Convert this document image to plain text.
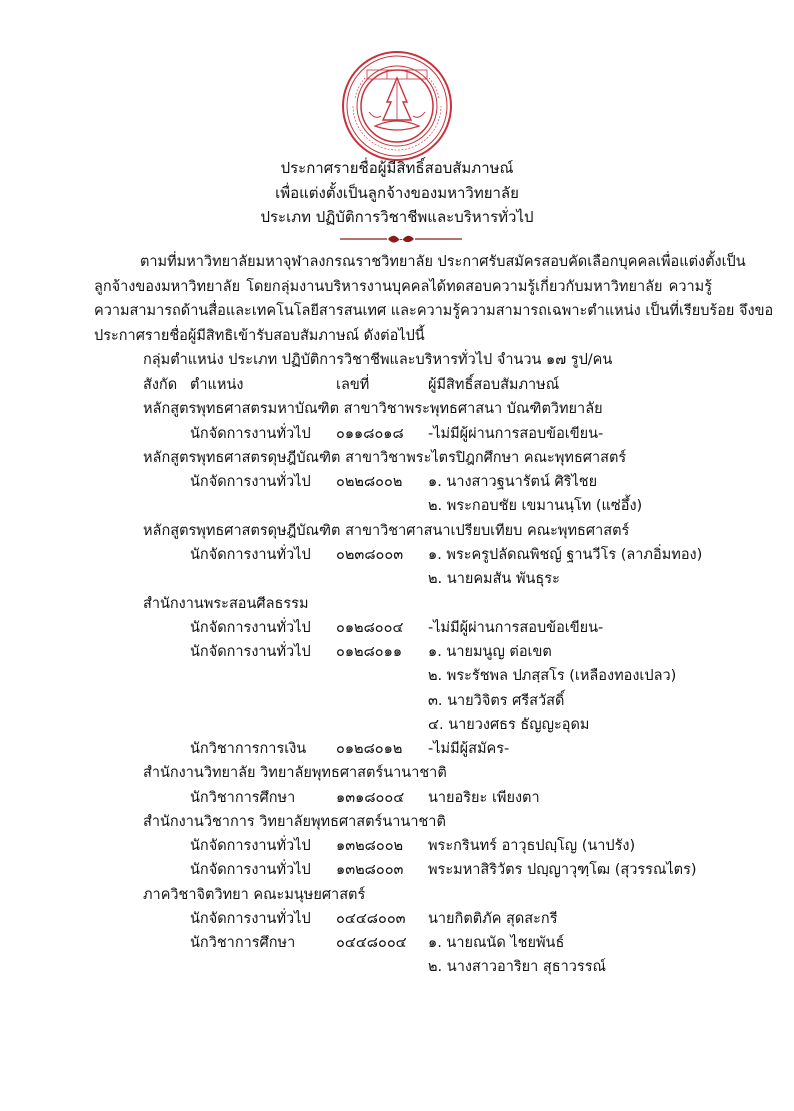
ประกาศรายชื่อผู้มีสิทธิ์สอบสัมภาษณ์
เพื่อแต่งตั้งเป็นลูกจ้างของมหาวิทยาลัย
ประเภท ปฏิบัติการวิชาชีพและบริหารทั่วไป
ตามที่มหาวิทยาลัยมหาจุฬาลงกรณราชวิทยาลัย ประกาศรับสมัครสอบคัดเลือกบุคคลเพื่อแต่งตั้งเป็น
ลูกจ้างของมหาวิทยาลัย โดยกลุ่มงานบริหารงานบุคคลได้ทดสอบความรู้เกี่ยวกับมหาวิทยาลัย ความรู้
ความสามารถด้านสื่อและเทคโนโลยีสารสนเทศ และความรู้ความสามารถเฉพาะตำแหน่ง เป็นที่เรียบร้อย จึงขอ
ประกาศรายชื่อผู้มีสิทธิเข้ารับสอบสัมภาษณ์ ดังต่อไปนี้
กลุ่มตำแหน่ง ประเภท ปฏิบัติการวิชาชีพและบริหารทั่วไป จำนวน ๑๗ รูป/คน
สังกัด ตำแหน่ง	เลขที่	ผู้มีสิทธิ์สอบสัมภาษณ์
หลักสูตรพุทธศาสตรมหาบัณฑิต สาขาวิชาพระพุทธศาสนา บัณฑิตวิทยาลัย
นักจัดการงานทั่วไป ๐๑๑๘๐๑๘ -ไม่มีผู้ผ่านการสอบข้อเขียน-
หลักสูตรพุทธศาสตรดุษฎีบัณฑิต สาขาวิชาพระไตรปิฎกศึกษา คณะพุทธศาสตร์
นักจัดการงานทั่วไป ๐๒๒๘๐๐๒ ๑. นางสาวฐนารัตน์ ศิริไชย
๒. พระกอบชัย เขมานนฺโท (แซ่อึ้ง)
หลักสูตรพุทธศาสตรดุษฎีบัณฑิต สาขาวิชาศาสนาเปรียบเทียบ คณะพุทธศาสตร์
นักจัดการงานทั่วไป ๐๒๓๘๐๐๓ ๑. พระครูปลัดณพิชญ์ ฐานวีโร (ลาภอิ่มทอง)
๒. นายคมสัน พันธุระ
สำนักงานพระสอนศีลธรรม
นักจัดการงานทั่วไป ๐๑๒๘๐๐๔ -ไม่มีผู้ผ่านการสอบข้อเขียน-
นักจัดการงานทั่วไป ๐๑๒๘๐๑๑ ๑. นายมนูญ ต่อเขต
๒. พระรัชพล ปภสฺสโร (เหลืองทองเปลว)
๓. นายวิจิตร ศรีสวัสดิ์
๔. นายวงศธร ธัญญะอุดม
นักวิชาการการเงิน ๐๑๒๘๐๑๒ -ไม่มีผู้สมัคร-
สำนักงานวิทยาลัย วิทยาลัยพุทธศาสตร์นานาชาติ
นักวิชาการศึกษา	๑๓๑๘๐๐๔ นายอริยะ เพียงตา
สำนักงานวิชาการ วิทยาลัยพุทธศาสตร์นานาชาติ
นักจัดการงานทั่วไป ๑๓๒๘๐๐๒ พระกรินทร์ อาวุธปญฺโญ (นาปรัง)
นักจัดการงานทั่วไป ๑๓๒๘๐๐๓ พระมหาสิริวัตร ปญฺญาวุฑฺโฒ (สุวรรณไตร)
ภาควิชาจิตวิทยา คณะมนุษยศาสตร์
นักจัดการงานทั่วไป ๐๔๔๘๐๐๓ นายกิตติภัค สุดสะกรี
นักวิชาการศึกษา	๐๔๔๘๐๐๔ ๑. นายณนัด ไชยพันธ์
๒. นางสาวอาริยา สุธาวรรณ์
